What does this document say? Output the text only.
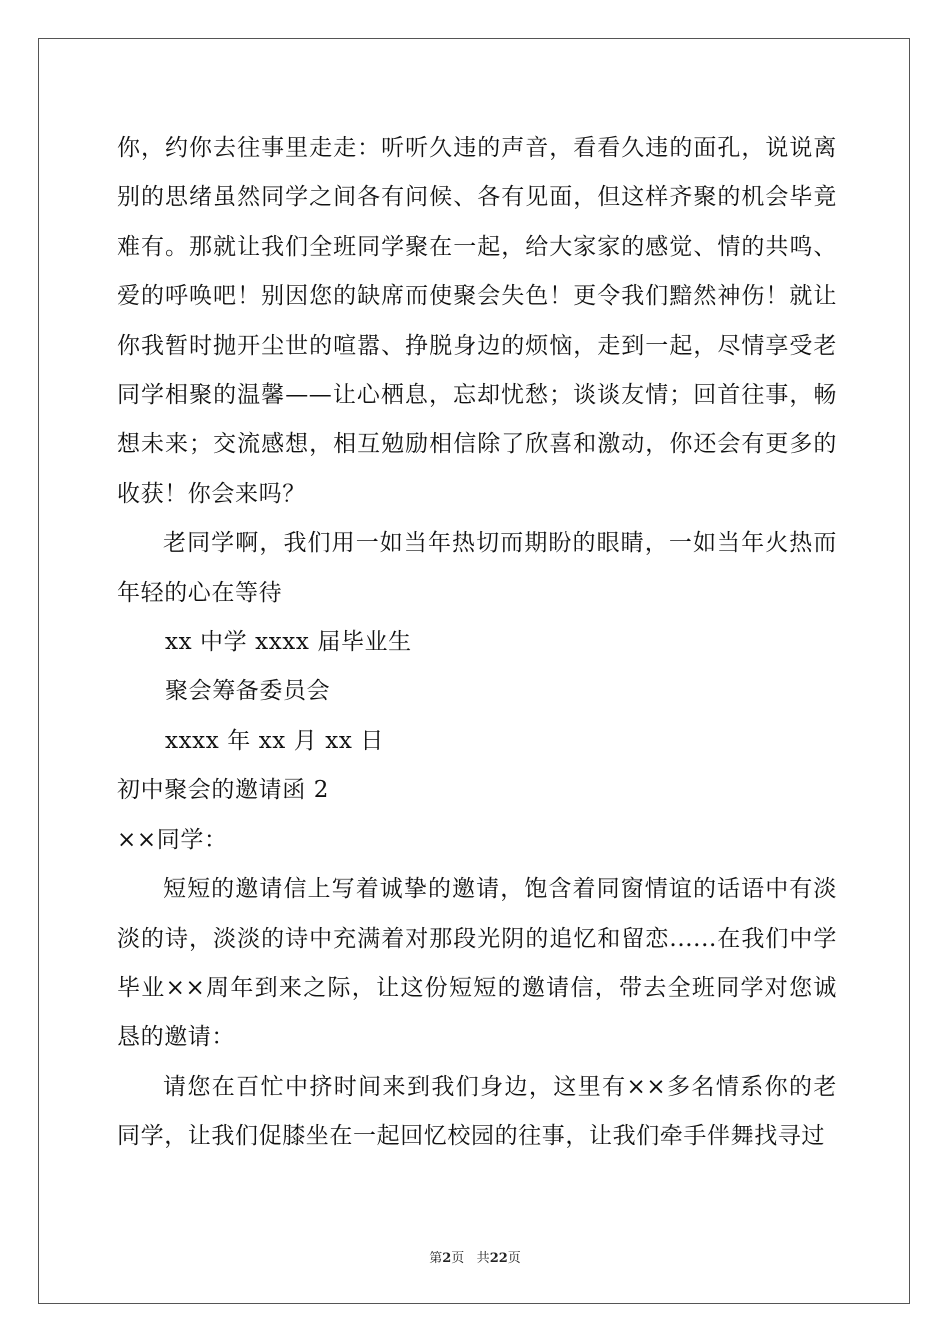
你，约你去往事里走走：听听久违的声音，看看久违的面孔，说说离别的思绪虽然同学之间各有问候、各有见面，但这样齐聚的机会毕竟难有。那就让我们全班同学聚在一起，给大家家的感觉、情的共鸣、爱的呼唤吧！别因您的缺席而使聚会失色！更令我们黯然神伤！就让你我暂时抛开尘世的喧嚣、挣脱身边的烦恼，走到一起，尽情享受老同学相聚的温馨——让心栖息，忘却忧愁；谈谈友情；回首往事，畅想未来；交流感想，相互勉励相信除了欣喜和激动，你还会有更多的收获！你会来吗？

老同学啊，我们用一如当年热切而期盼的眼睛，一如当年火热而年轻的心在等待

xx 中学 xxxx 届毕业生

聚会筹备委员会

xxxx 年 xx 月 xx 日

初中聚会的邀请函 2

××同学：

短短的邀请信上写着诚挚的邀请，饱含着同窗情谊的话语中有淡淡的诗，淡淡的诗中充满着对那段光阴的追忆和留恋......在我们中学毕业××周年到来之际，让这份短短的邀请信，带去全班同学对您诚恳的邀请：

请您在百忙中挤时间来到我们身边，这里有××多名情系你的老同学，让我们促膝坐在一起回忆校园的往事，让我们牵手伴舞找寻过

第2页 共22页
